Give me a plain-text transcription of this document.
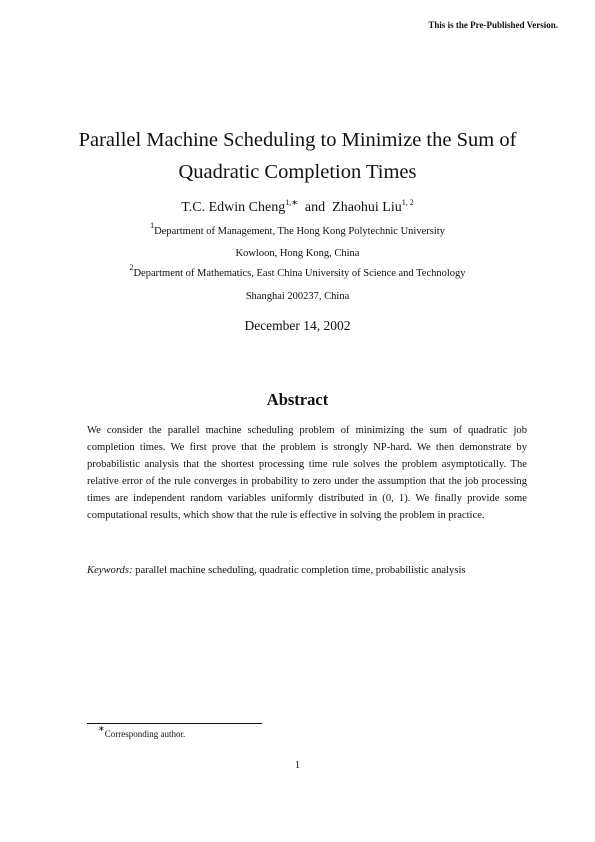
This is the Pre-Published Version.
Parallel Machine Scheduling to Minimize the Sum of
Quadratic Completion Times
T.C. Edwin Cheng$^{1,∗}$ and Zhaohui Liu$^{1, 2}$
$^1$Department of Management, The Hong Kong Polytechnic University
Kowloon, Hong Kong, China
$^2$Department of Mathematics, East China University of Science and Technology
Shanghai 200237, China
December 14, 2002
Abstract

We consider the parallel machine scheduling problem of minimizing the sum of quadratic job completion times. We first prove that the problem is strongly NP-hard. We then demonstrate by probabilistic analysis that the shortest processing time rule solves the problem asymptotically. The relative error of the rule converges in probability to zero under the assumption that the job processing times are independent random variables uniformly distributed in (0, 1). We finally provide some computational results, which show that the rule is effective in solving the problem in practice.

Keywords: parallel machine scheduling, quadratic completion time, probabilistic analysis

∗Corresponding author.
1
